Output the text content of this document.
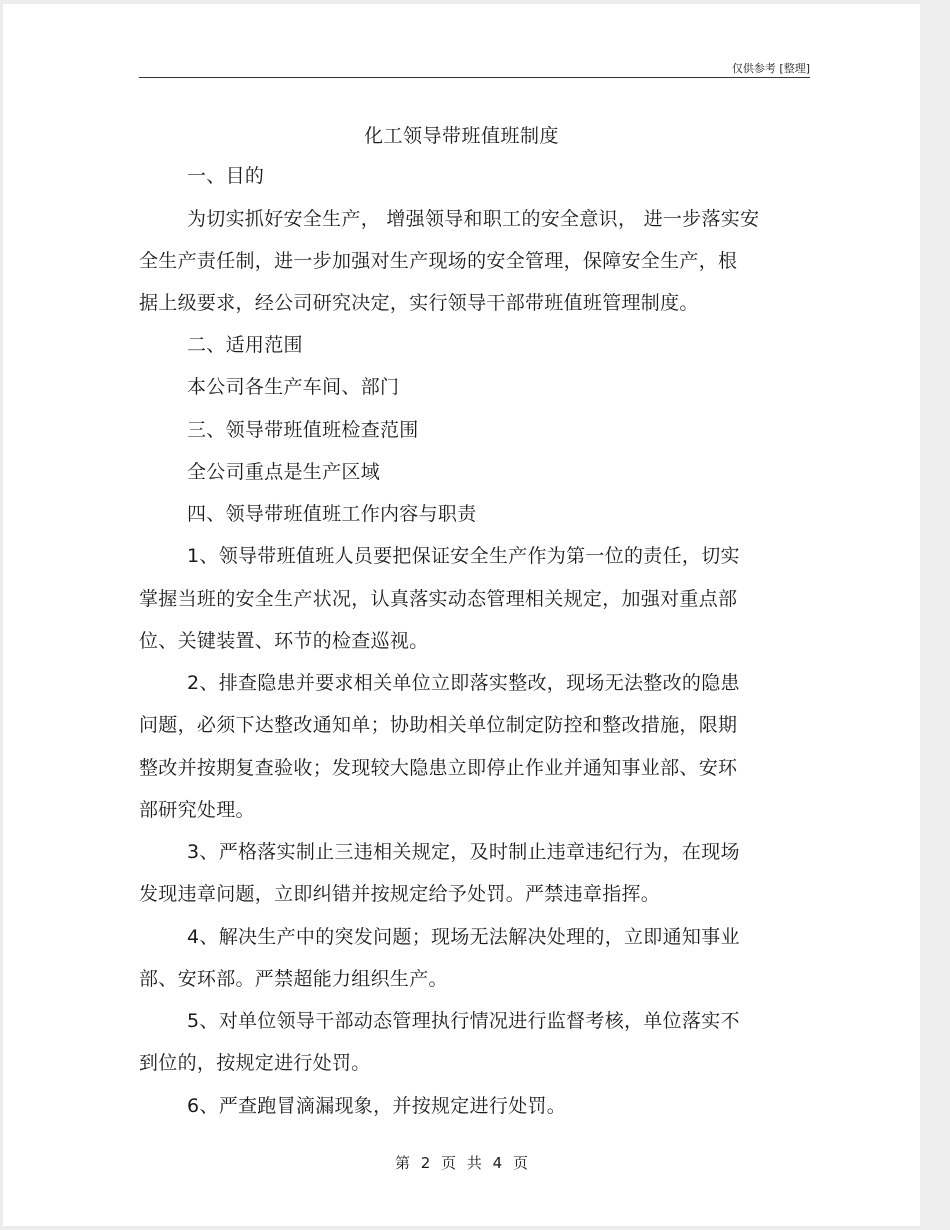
仅供参考 [整理]
化工领导带班值班制度
一、目的
为切实抓好安全生产， 增强领导和职工的安全意识， 进一步落实安
全生产责任制，进一步加强对生产现场的安全管理，保障安全生产，根
据上级要求，经公司研究决定，实行领导干部带班值班管理制度。
二、适用范围
本公司各生产车间、部门
三、领导带班值班检查范围
全公司重点是生产区域
四、领导带班值班工作内容与职责
1、领导带班值班人员要把保证安全生产作为第一位的责任，切实
掌握当班的安全生产状况，认真落实动态管理相关规定，加强对重点部
位、关键装置、环节的检查巡视。
2、排查隐患并要求相关单位立即落实整改，现场无法整改的隐患
问题，必须下达整改通知单；协助相关单位制定防控和整改措施，限期
整改并按期复查验收；发现较大隐患立即停止作业并通知事业部、安环
部研究处理。
3、严格落实制止三违相关规定，及时制止违章违纪行为，在现场
发现违章问题，立即纠错并按规定给予处罚。严禁违章指挥。
4、解决生产中的突发问题；现场无法解决处理的，立即通知事业
部、安环部。严禁超能力组织生产。
5、对单位领导干部动态管理执行情况进行监督考核，单位落实不
到位的，按规定进行处罚。
6、严查跑冒滴漏现象，并按规定进行处罚。
第 2 页 共 4 页
